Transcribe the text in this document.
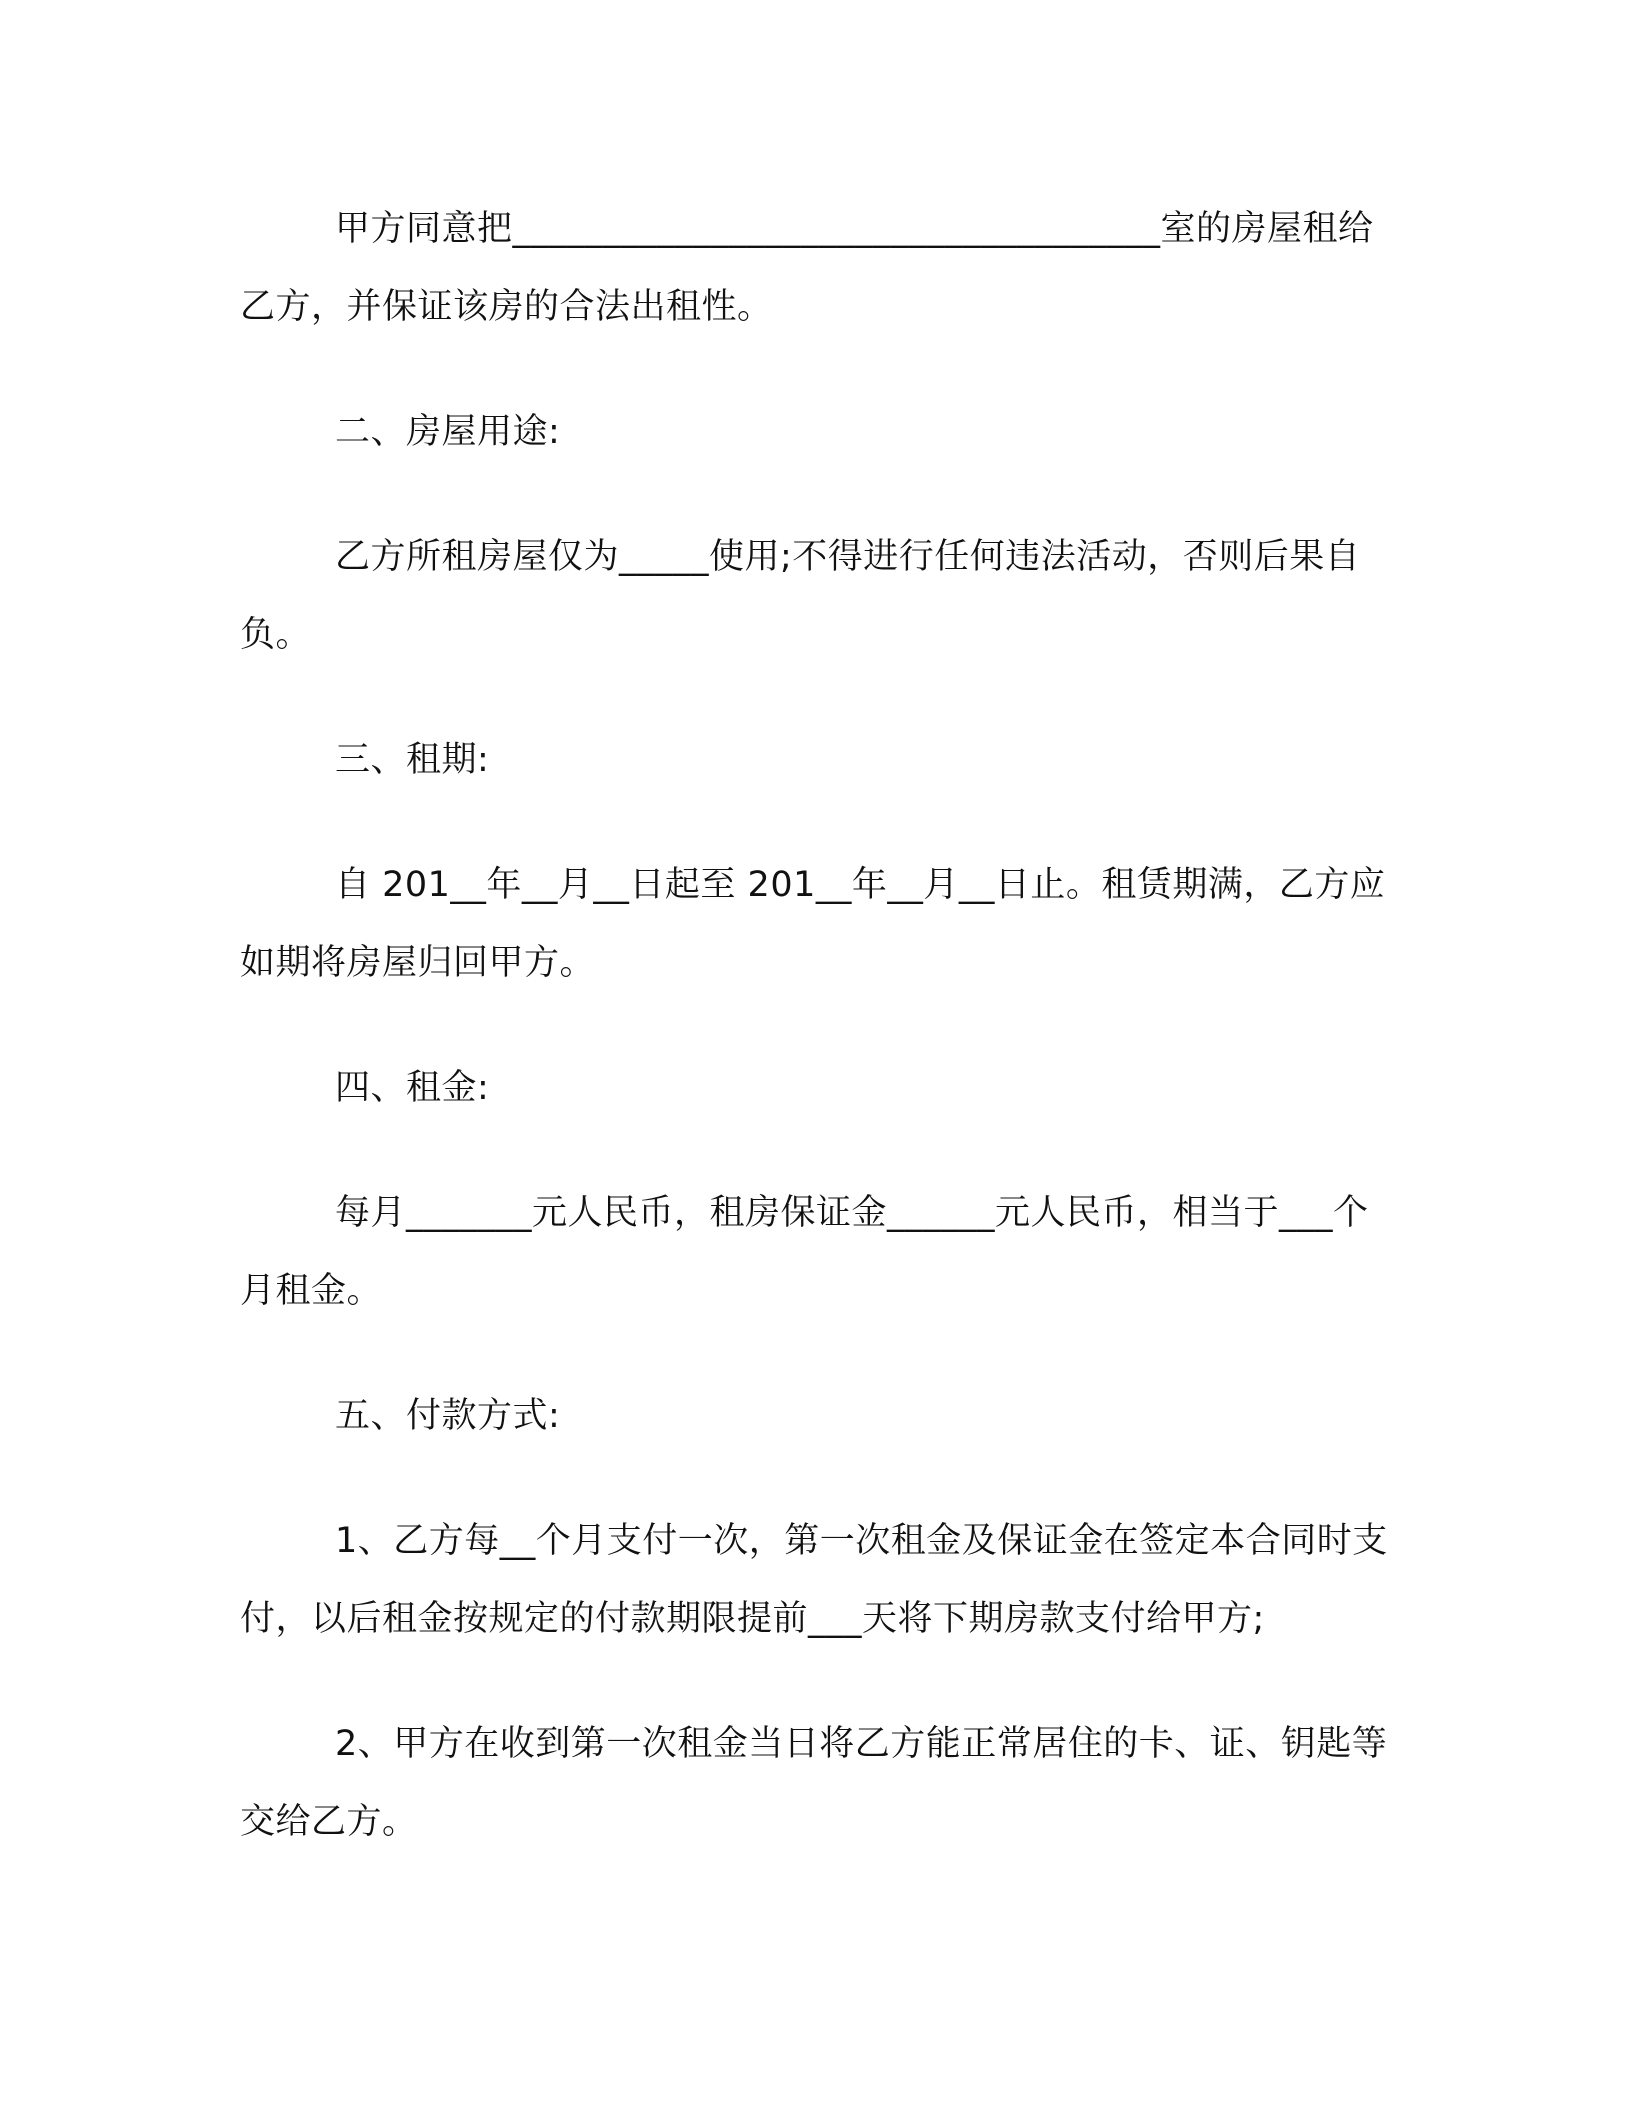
甲方同意把____________________________________室的房屋租给乙方，并保证该房的合法出租性。

二、房屋用途:

乙方所租房屋仅为_____使用;不得进行任何违法活动，否则后果自负。

三、租期:

自 201__年__月__日起至 201__年__月__日止。租赁期满，乙方应如期将房屋归回甲方。

四、租金:

每月_______元人民币，租房保证金______元人民币，相当于___个月租金。

五、付款方式:

1、乙方每__个月支付一次，第一次租金及保证金在签定本合同时支付，以后租金按规定的付款期限提前___天将下期房款支付给甲方;

2、甲方在收到第一次租金当日将乙方能正常居住的卡、证、钥匙等交给乙方。
